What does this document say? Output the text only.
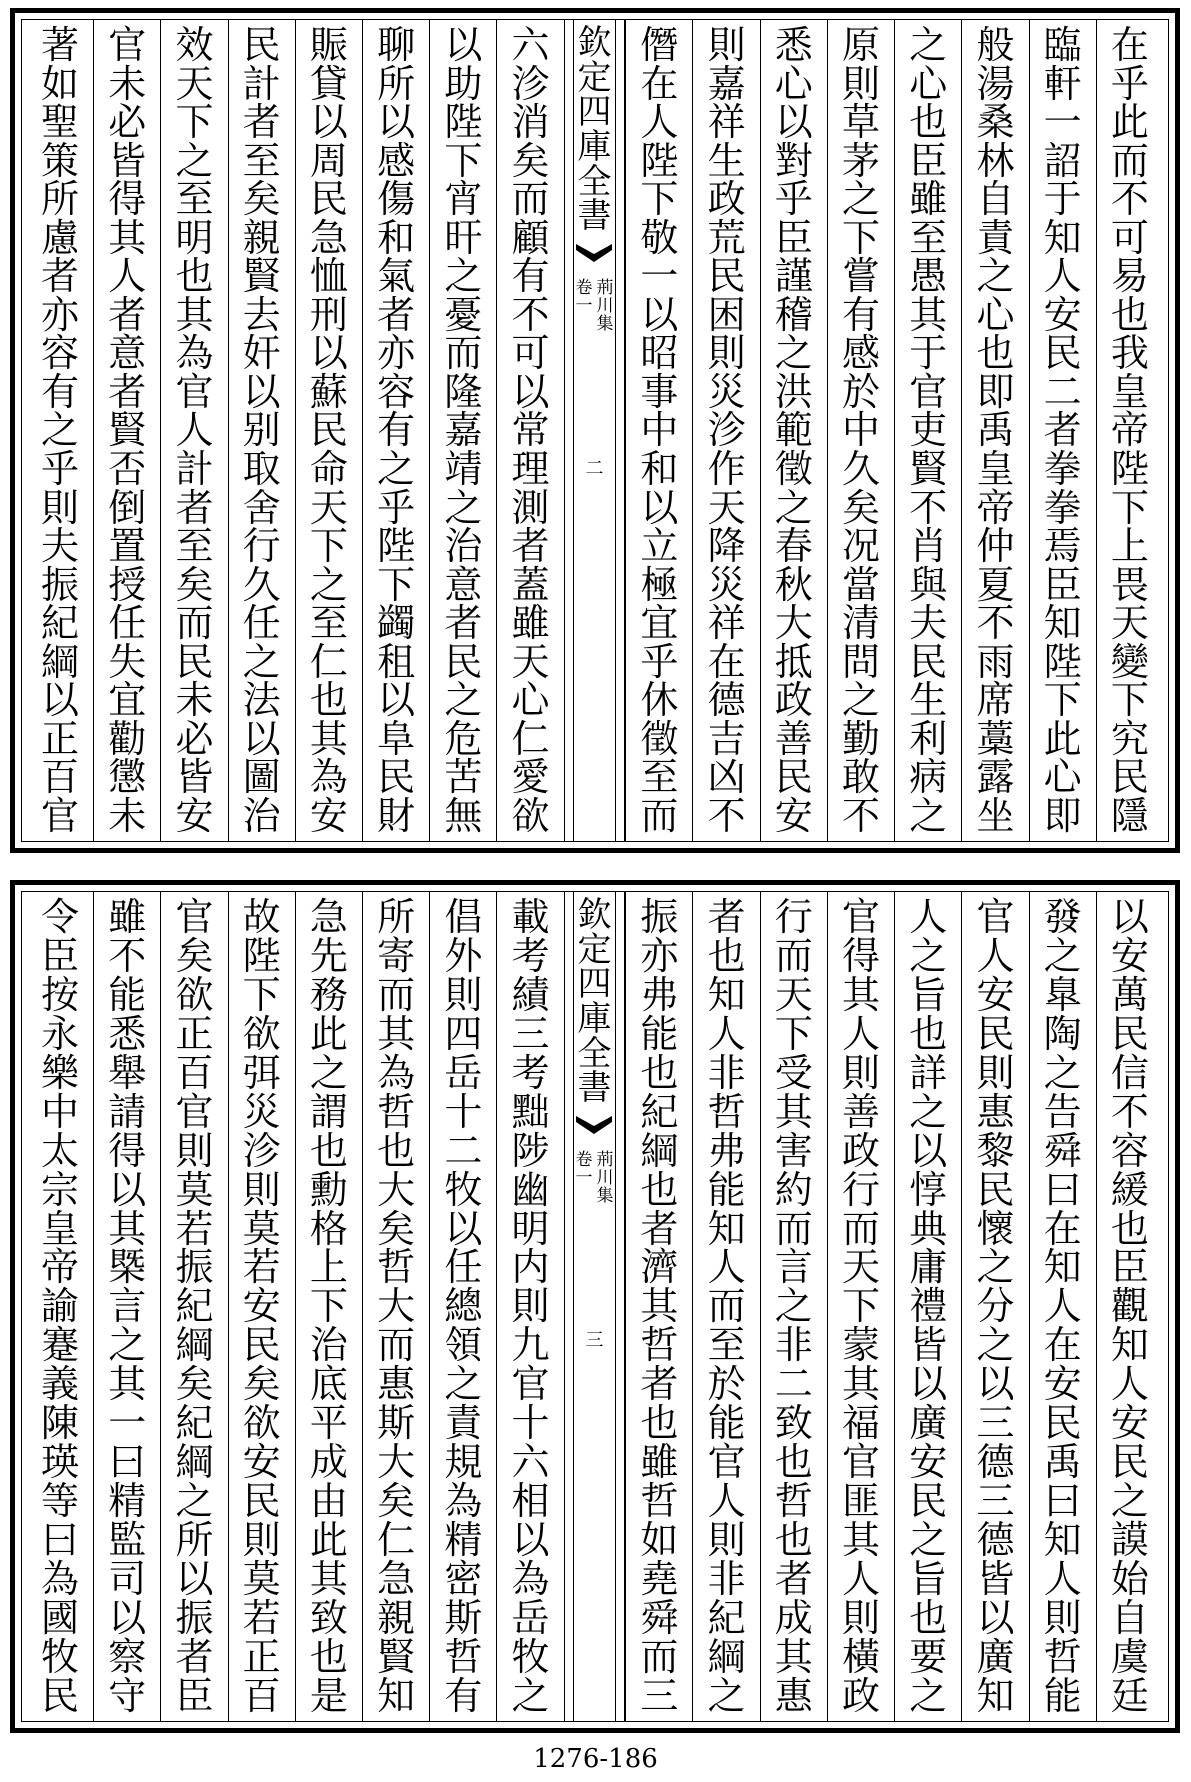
在
乎
此
而
不
可
易
也
我
皇
帝
陛
下
上
畏
天
變
下
究
民
隱
臨
軒
一
詔
于
知
人
安
民
二
者
拳
拳
焉
臣
知
陛
下
此
心
即
般
湯
桑
林
自
責
之
心
也
即
禹
皇
帝
仲
夏
不
雨
席
藁
露
坐
之
心
也
臣
雖
至
愚
其
于
官
吏
賢
不
肖
與
夫
民
生
利
病
之
原
則
草
茅
之
下
嘗
有
感
於
中
久
矣
况
當
清
問
之
勤
敢
不
悉
心
以
對
乎
臣
謹
稽
之
洪
範
徵
之
春
秋
大
抵
政
善
民
安
則
嘉
祥
生
政
荒
民
困
則
災
沴
作
天
降
災
祥
在
德
吉
凶
不
僭
在
人
陛
下
敬
一
以
昭
事
中
和
以
立
極
宜
乎
休
徵
至
而
欽
定
四
庫
全
書
卷
一
荊
川
集
二
六
沴
消
矣
而
顧
有
不
可
以
常
理
測
者
蓋
雖
天
心
仁
愛
欲
以
助
陛
下
宵
旰
之
憂
而
隆
嘉
靖
之
治
意
者
民
之
危
苦
無
聊
所
以
感
傷
和
氣
者
亦
容
有
之
乎
陛
下
蠲
租
以
阜
民
財
賑
貸
以
周
民
急
恤
刑
以
蘇
民
命
天
下
之
至
仁
也
其
為
安
民
計
者
至
矣
親
賢
去
奸
以
别
取
舍
行
久
任
之
法
以
圖
治
效
天
下
之
至
明
也
其
為
官
人
計
者
至
矣
而
民
未
必
皆
安
官
未
必
皆
得
其
人
者
意
者
賢
否
倒
置
授
任
失
宜
勸
懲
未
著
如
聖
策
所
慮
者
亦
容
有
之
乎
則
夫
振
紀
綱
以
正
百
官
以
安
萬
民
信
不
容
緩
也
臣
觀
知
人
安
民
之
謨
始
自
虞
廷
發
之
臯
陶
之
告
舜
曰
在
知
人
在
安
民
禹
曰
知
人
則
哲
能
官
人
安
民
則
惠
黎
民
懷
之
分
之
以
三
德
三
德
皆
以
廣
知
人
之
旨
也
詳
之
以
惇
典
庸
禮
皆
以
廣
安
民
之
旨
也
要
之
官
得
其
人
則
善
政
行
而
天
下
蒙
其
福
官
匪
其
人
則
橫
政
行
而
天
下
受
其
害
約
而
言
之
非
二
致
也
哲
也
者
成
其
惠
者
也
知
人
非
哲
弗
能
知
人
而
至
於
能
官
人
則
非
紀
綱
之
振
亦
弗
能
也
紀
綱
也
者
濟
其
哲
者
也
雖
哲
如
堯
舜
而
三
欽
定
四
庫
全
書
卷
一
荊
川
集
三
載
考
績
三
考
黜
陟
幽
明
内
則
九
官
十
六
相
以
為
岳
牧
之
倡
外
則
四
岳
十
二
牧
以
任
總
領
之
責
規
為
精
密
斯
哲
有
所
寄
而
其
為
哲
也
大
矣
哲
大
而
惠
斯
大
矣
仁
急
親
賢
知
急
先
務
此
之
謂
也
勳
格
上
下
治
底
平
成
由
此
其
致
也
是
故
陛
下
欲
弭
災
沴
則
莫
若
安
民
矣
欲
安
民
則
莫
若
正
百
官
矣
欲
正
百
官
則
莫
若
振
紀
綱
矣
紀
綱
之
所
以
振
者
臣
雖
不
能
悉
舉
請
得
以
其
槩
言
之
其
一
曰
精
監
司
以
察
守
令
臣
按
永
樂
中
太
宗
皇
帝
諭
蹇
義
陳
瑛
等
曰
為
國
牧
民
1276-186
